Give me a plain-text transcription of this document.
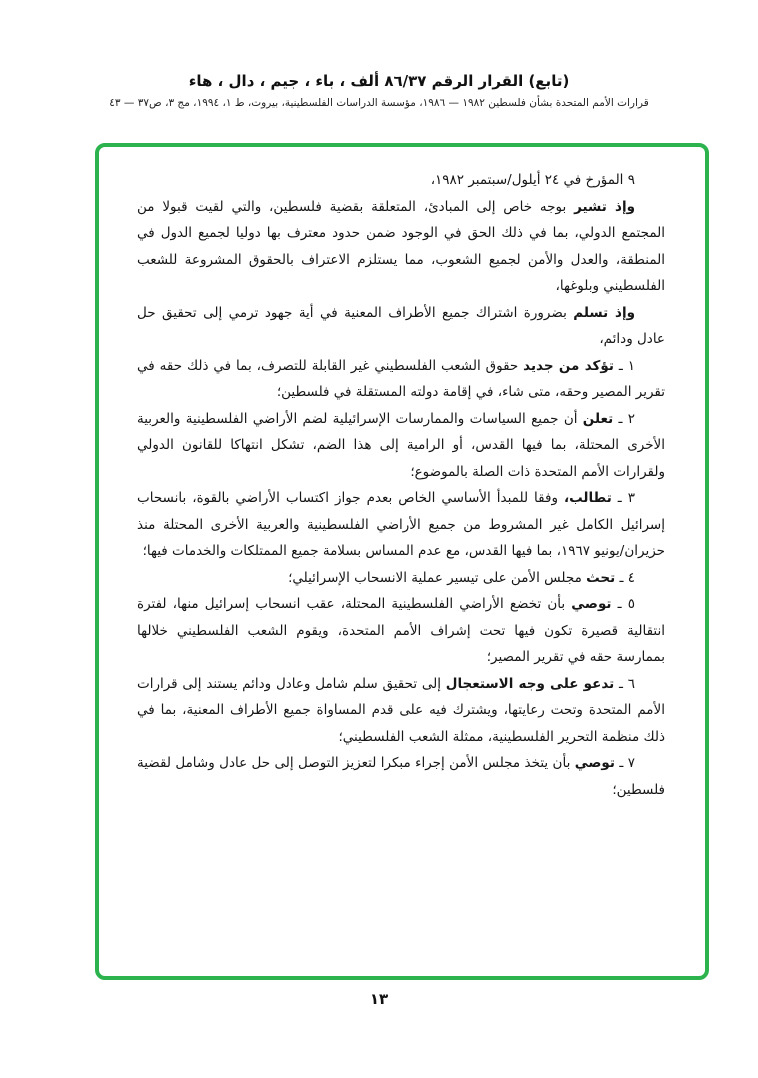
(تابع) القرار الرقم ٨٦/٣٧ ألف ، باء ، جيم ، دال ، هاء
قرارات الأمم المتحدة بشأن فلسطين ١٩٨٢ — ١٩٨٦، مؤسسة الدراسات الفلسطينية، بيروت، ط ١، ١٩٩٤، مج ٣، ص٣٧ — ٤٣

٩ المؤرخ في ٢٤ أيلول/سبتمبر ١٩٨٢،

وإذ تشير بوجه خاص إلى المبادئ، المتعلقة بقضية فلسطين، والتي لقيت قبولا من المجتمع الدولي، بما في ذلك الحق في الوجود ضمن حدود معترف بها دوليا لجميع الدول في المنطقة، والعدل والأمن لجميع الشعوب، مما يستلزم الاعتراف بالحقوق المشروعة للشعب الفلسطيني وبلوغها،

وإذ تسلم بضرورة اشتراك جميع الأطراف المعنية في أية جهود ترمي إلى تحقيق حل عادل ودائم،

١ ـ تؤكد من جديد حقوق الشعب الفلسطيني غير القابلة للتصرف، بما في ذلك حقه في تقرير المصير وحقه، متى شاء، في إقامة دولته المستقلة في فلسطين؛

٢ ـ تعلن أن جميع السياسات والممارسات الإسرائيلية لضم الأراضي الفلسطينية والعربية الأخرى المحتلة، بما فيها القدس، أو الرامية إلى هذا الضم، تشكل انتهاكا للقانون الدولي ولقرارات الأمم المتحدة ذات الصلة بالموضوع؛

٣ ـ تطالب، وفقا للمبدأ الأساسي الخاص بعدم جواز اكتساب الأراضي بالقوة، بانسحاب إسرائيل الكامل غير المشروط من جميع الأراضي الفلسطينية والعربية الأخرى المحتلة منذ حزيران/يونيو ١٩٦٧، بما فيها القدس، مع عدم المساس بسلامة جميع الممتلكات والخدمات فيها؛

٤ ـ تحث مجلس الأمن على تيسير عملية الانسحاب الإسرائيلي؛

٥ ـ توصي بأن تخضع الأراضي الفلسطينية المحتلة، عقب انسحاب إسرائيل منها، لفترة انتقالية قصيرة تكون فيها تحت إشراف الأمم المتحدة، ويقوم الشعب الفلسطيني خلالها بممارسة حقه في تقرير المصير؛

٦ ـ تدعو على وجه الاستعجال إلى تحقيق سلم شامل وعادل ودائم يستند إلى قرارات الأمم المتحدة وتحت رعايتها، ويشترك فيه على قدم المساواة جميع الأطراف المعنية، بما في ذلك منظمة التحرير الفلسطينية، ممثلة الشعب الفلسطيني؛

٧ ـ توصي بأن يتخذ مجلس الأمن إجراء مبكرا لتعزيز التوصل إلى حل عادل وشامل لقضية فلسطين؛

١٣
